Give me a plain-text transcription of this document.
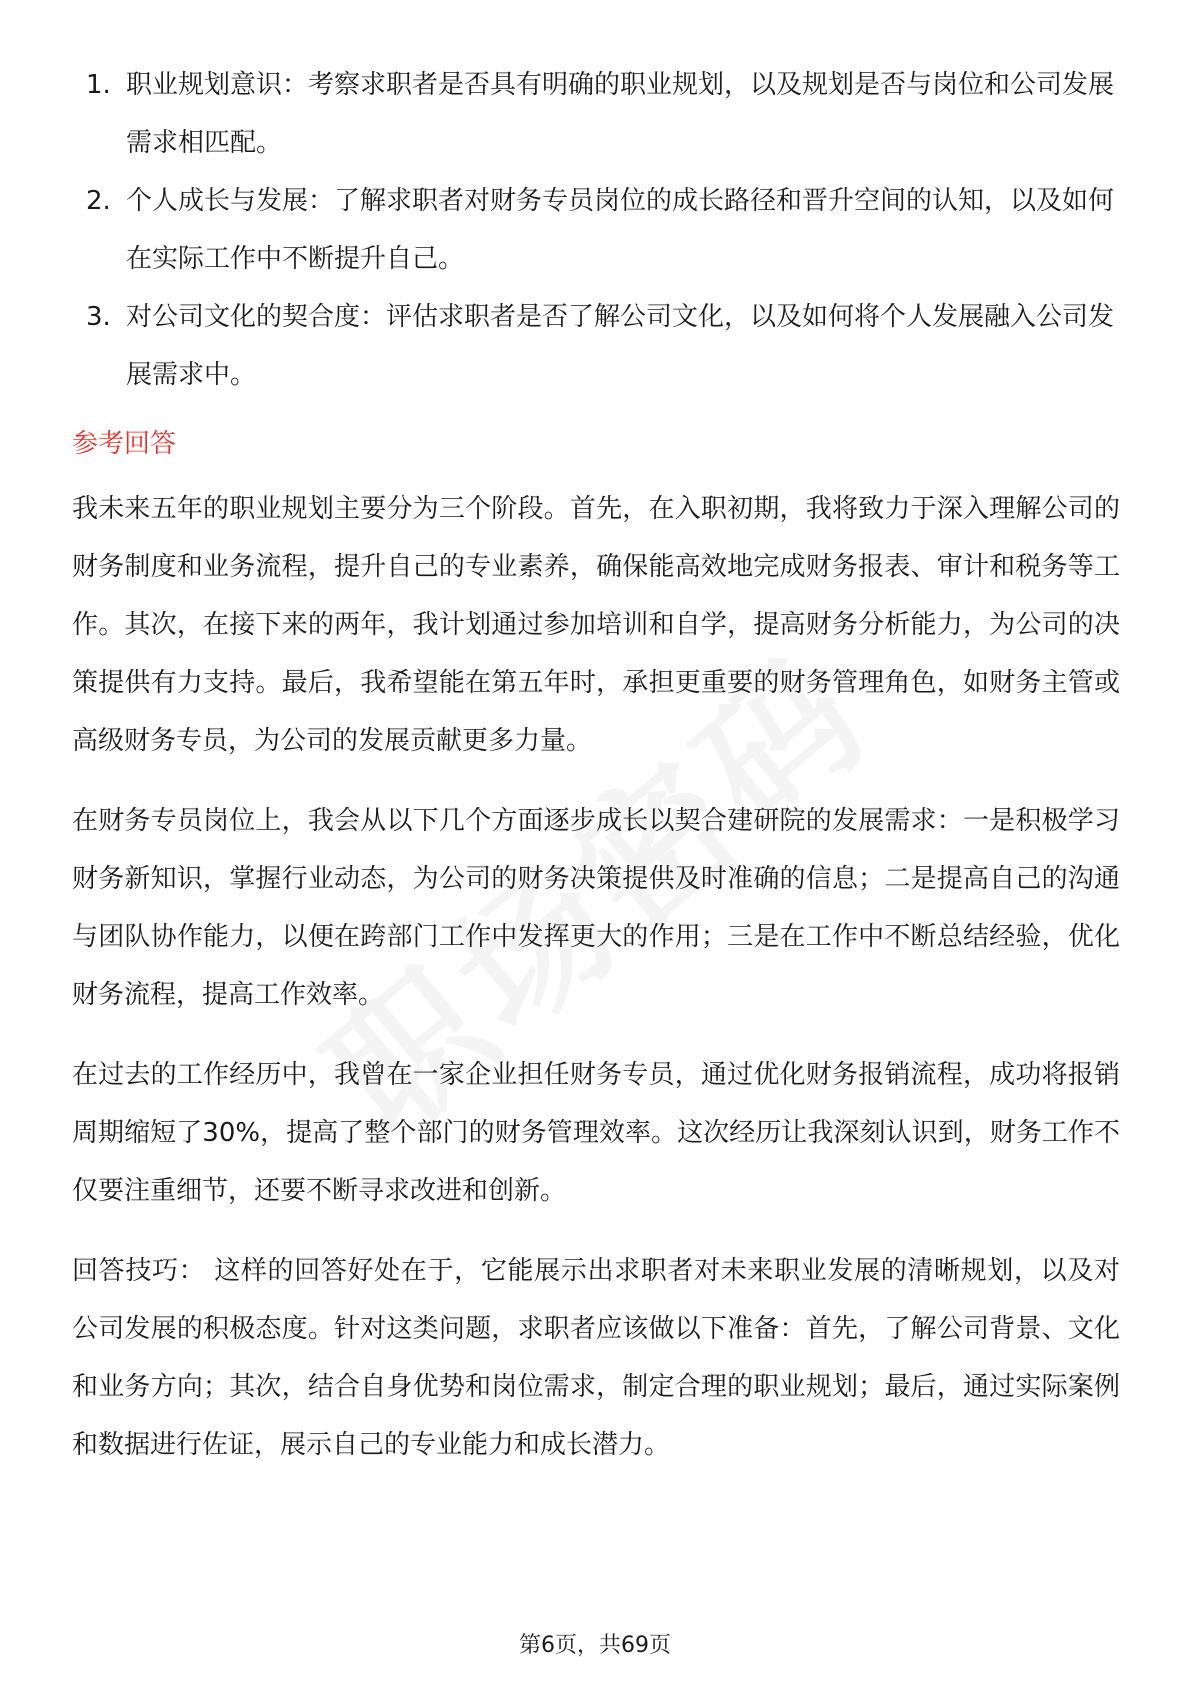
1. 职业规划意识：考察求职者是否具有明确的职业规划，以及规划是否与岗位和公司发展需求相匹配。
2. 个人成长与发展：了解求职者对财务专员岗位的成长路径和晋升空间的认知，以及如何在实际工作中不断提升自己。
3. 对公司文化的契合度：评估求职者是否了解公司文化，以及如何将个人发展融入公司发展需求中。
参考回答

我未来五年的职业规划主要分为三个阶段。首先，在入职初期，我将致力于深入理解公司的财务制度和业务流程，提升自己的专业素养，确保能高效地完成财务报表、审计和税务等工作。其次，在接下来的两年，我计划通过参加培训和自学，提高财务分析能力，为公司的决策提供有力支持。最后，我希望能在第五年时，承担更重要的财务管理角色，如财务主管或高级财务专员，为公司的发展贡献更多力量。

在财务专员岗位上，我会从以下几个方面逐步成长以契合建研院的发展需求：一是积极学习财务新知识，掌握行业动态，为公司的财务决策提供及时准确的信息；二是提高自己的沟通与团队协作能力，以便在跨部门工作中发挥更大的作用；三是在工作中不断总结经验，优化财务流程，提高工作效率。

在过去的工作经历中，我曾在一家企业担任财务专员，通过优化财务报销流程，成功将报销周期缩短了30%，提高了整个部门的财务管理效率。这次经历让我深刻认识到，财务工作不仅要注重细节，还要不断寻求改进和创新。

回答技巧： 这样的回答好处在于，它能展示出求职者对未来职业发展的清晰规划，以及对公司发展的积极态度。针对这类问题，求职者应该做以下准备：首先，了解公司背景、文化和业务方向；其次，结合自身优势和岗位需求，制定合理的职业规划；最后，通过实际案例和数据进行佐证，展示自己的专业能力和成长潜力。

第6页，共69页
